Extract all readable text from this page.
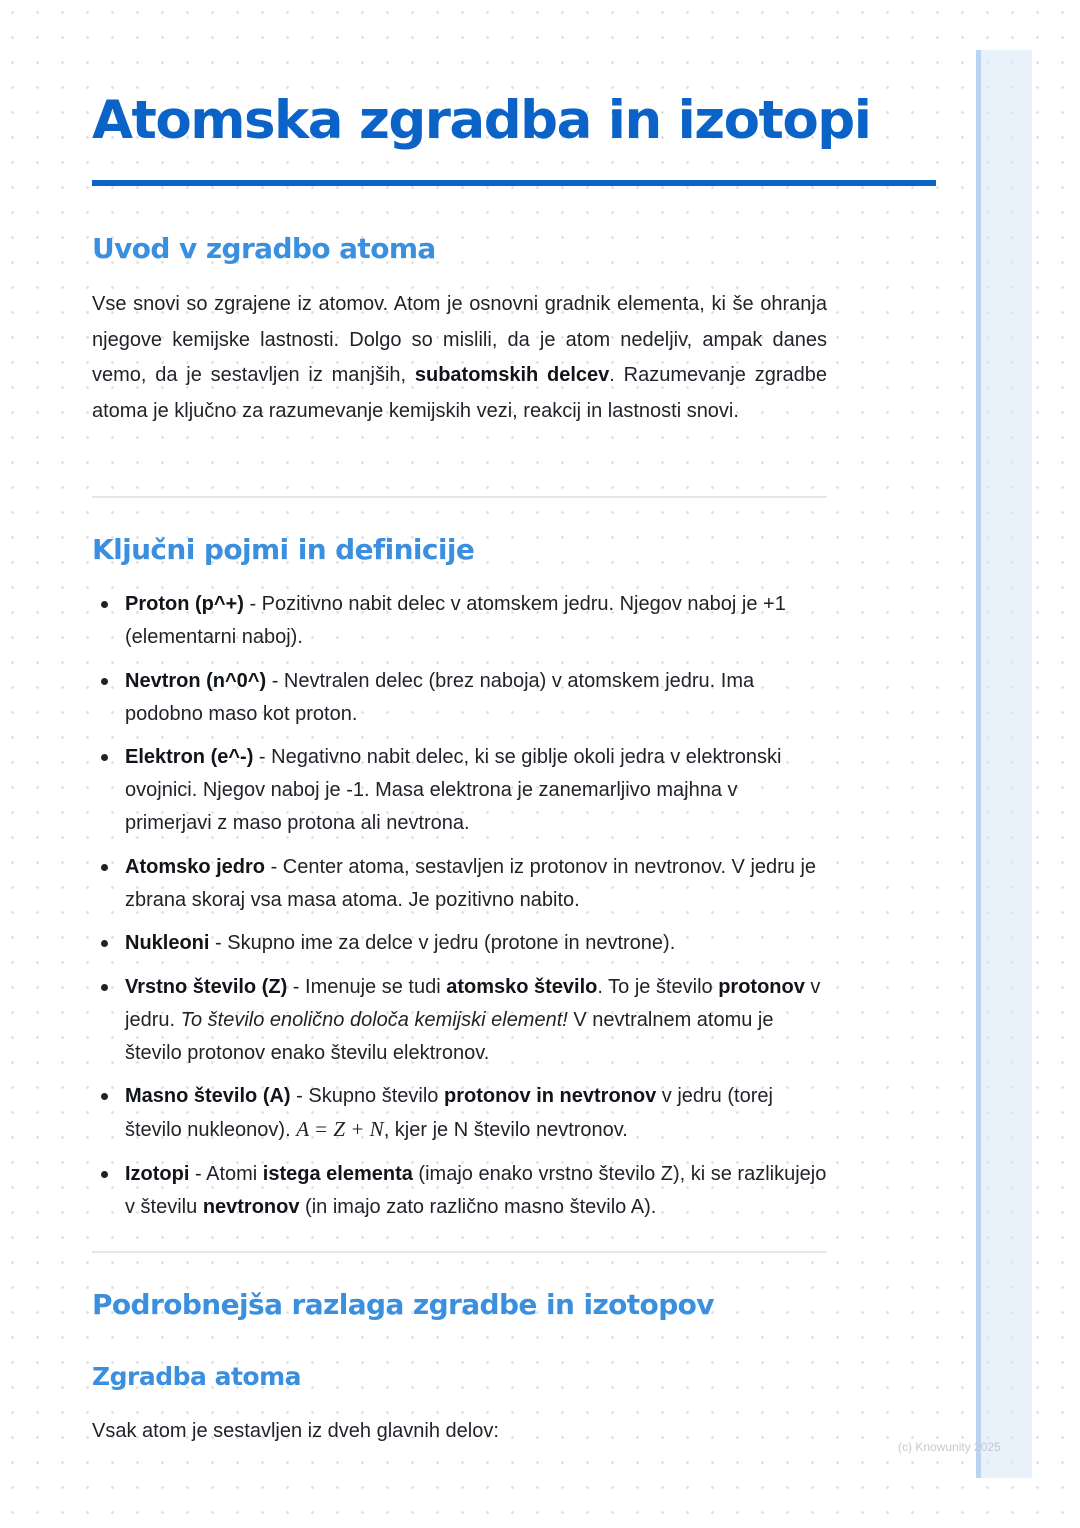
Atomska zgradba in izotopi
Uvod v zgradbo atoma

Vse snovi so zgrajene iz atomov. Atom je osnovni gradnik elementa, ki še ohranja njegove kemijske lastnosti. Dolgo so mislili, da je atom nedeljiv, ampak danes vemo, da je sestavljen iz manjših, subatomskih delcev. Razumevanje zgradbe atoma je ključno za razumevanje kemijskih vezi, reakcij in lastnosti snovi.

Ključni pojmi in definicije
Proton (p^+) - Pozitivno nabit delec v atomskem jedru. Njegov naboj je +1 (elementarni naboj).
Nevtron (n^0^) - Nevtralen delec (brez naboja) v atomskem jedru. Ima podobno maso kot proton.
Elektron (e^-) - Negativno nabit delec, ki se giblje okoli jedra v elektronski ovojnici. Njegov naboj je -1. Masa elektrona je zanemarljivo majhna v primerjavi z maso protona ali nevtrona.
Atomsko jedro - Center atoma, sestavljen iz protonov in nevtronov. V jedru je zbrana skoraj vsa masa atoma. Je pozitivno nabito.
Nukleoni - Skupno ime za delce v jedru (protone in nevtrone).
Vrstno število (Z) - Imenuje se tudi atomsko število. To je število protonov v jedru. To število enolično določa kemijski element! V nevtralnem atomu je število protonov enako številu elektronov.
Masno število (A) - Skupno število protonov in nevtronov v jedru (torej število nukleonov). A = Z + N, kjer je N število nevtronov.
Izotopi - Atomi istega elementa (imajo enako vrstno število Z), ki se razlikujejo v številu nevtronov (in imajo zato različno masno število A).
Podrobnejša razlaga zgradbe in izotopov
Zgradba atoma

Vsak atom je sestavljen iz dveh glavnih delov:

(c) Knowunity 2025
